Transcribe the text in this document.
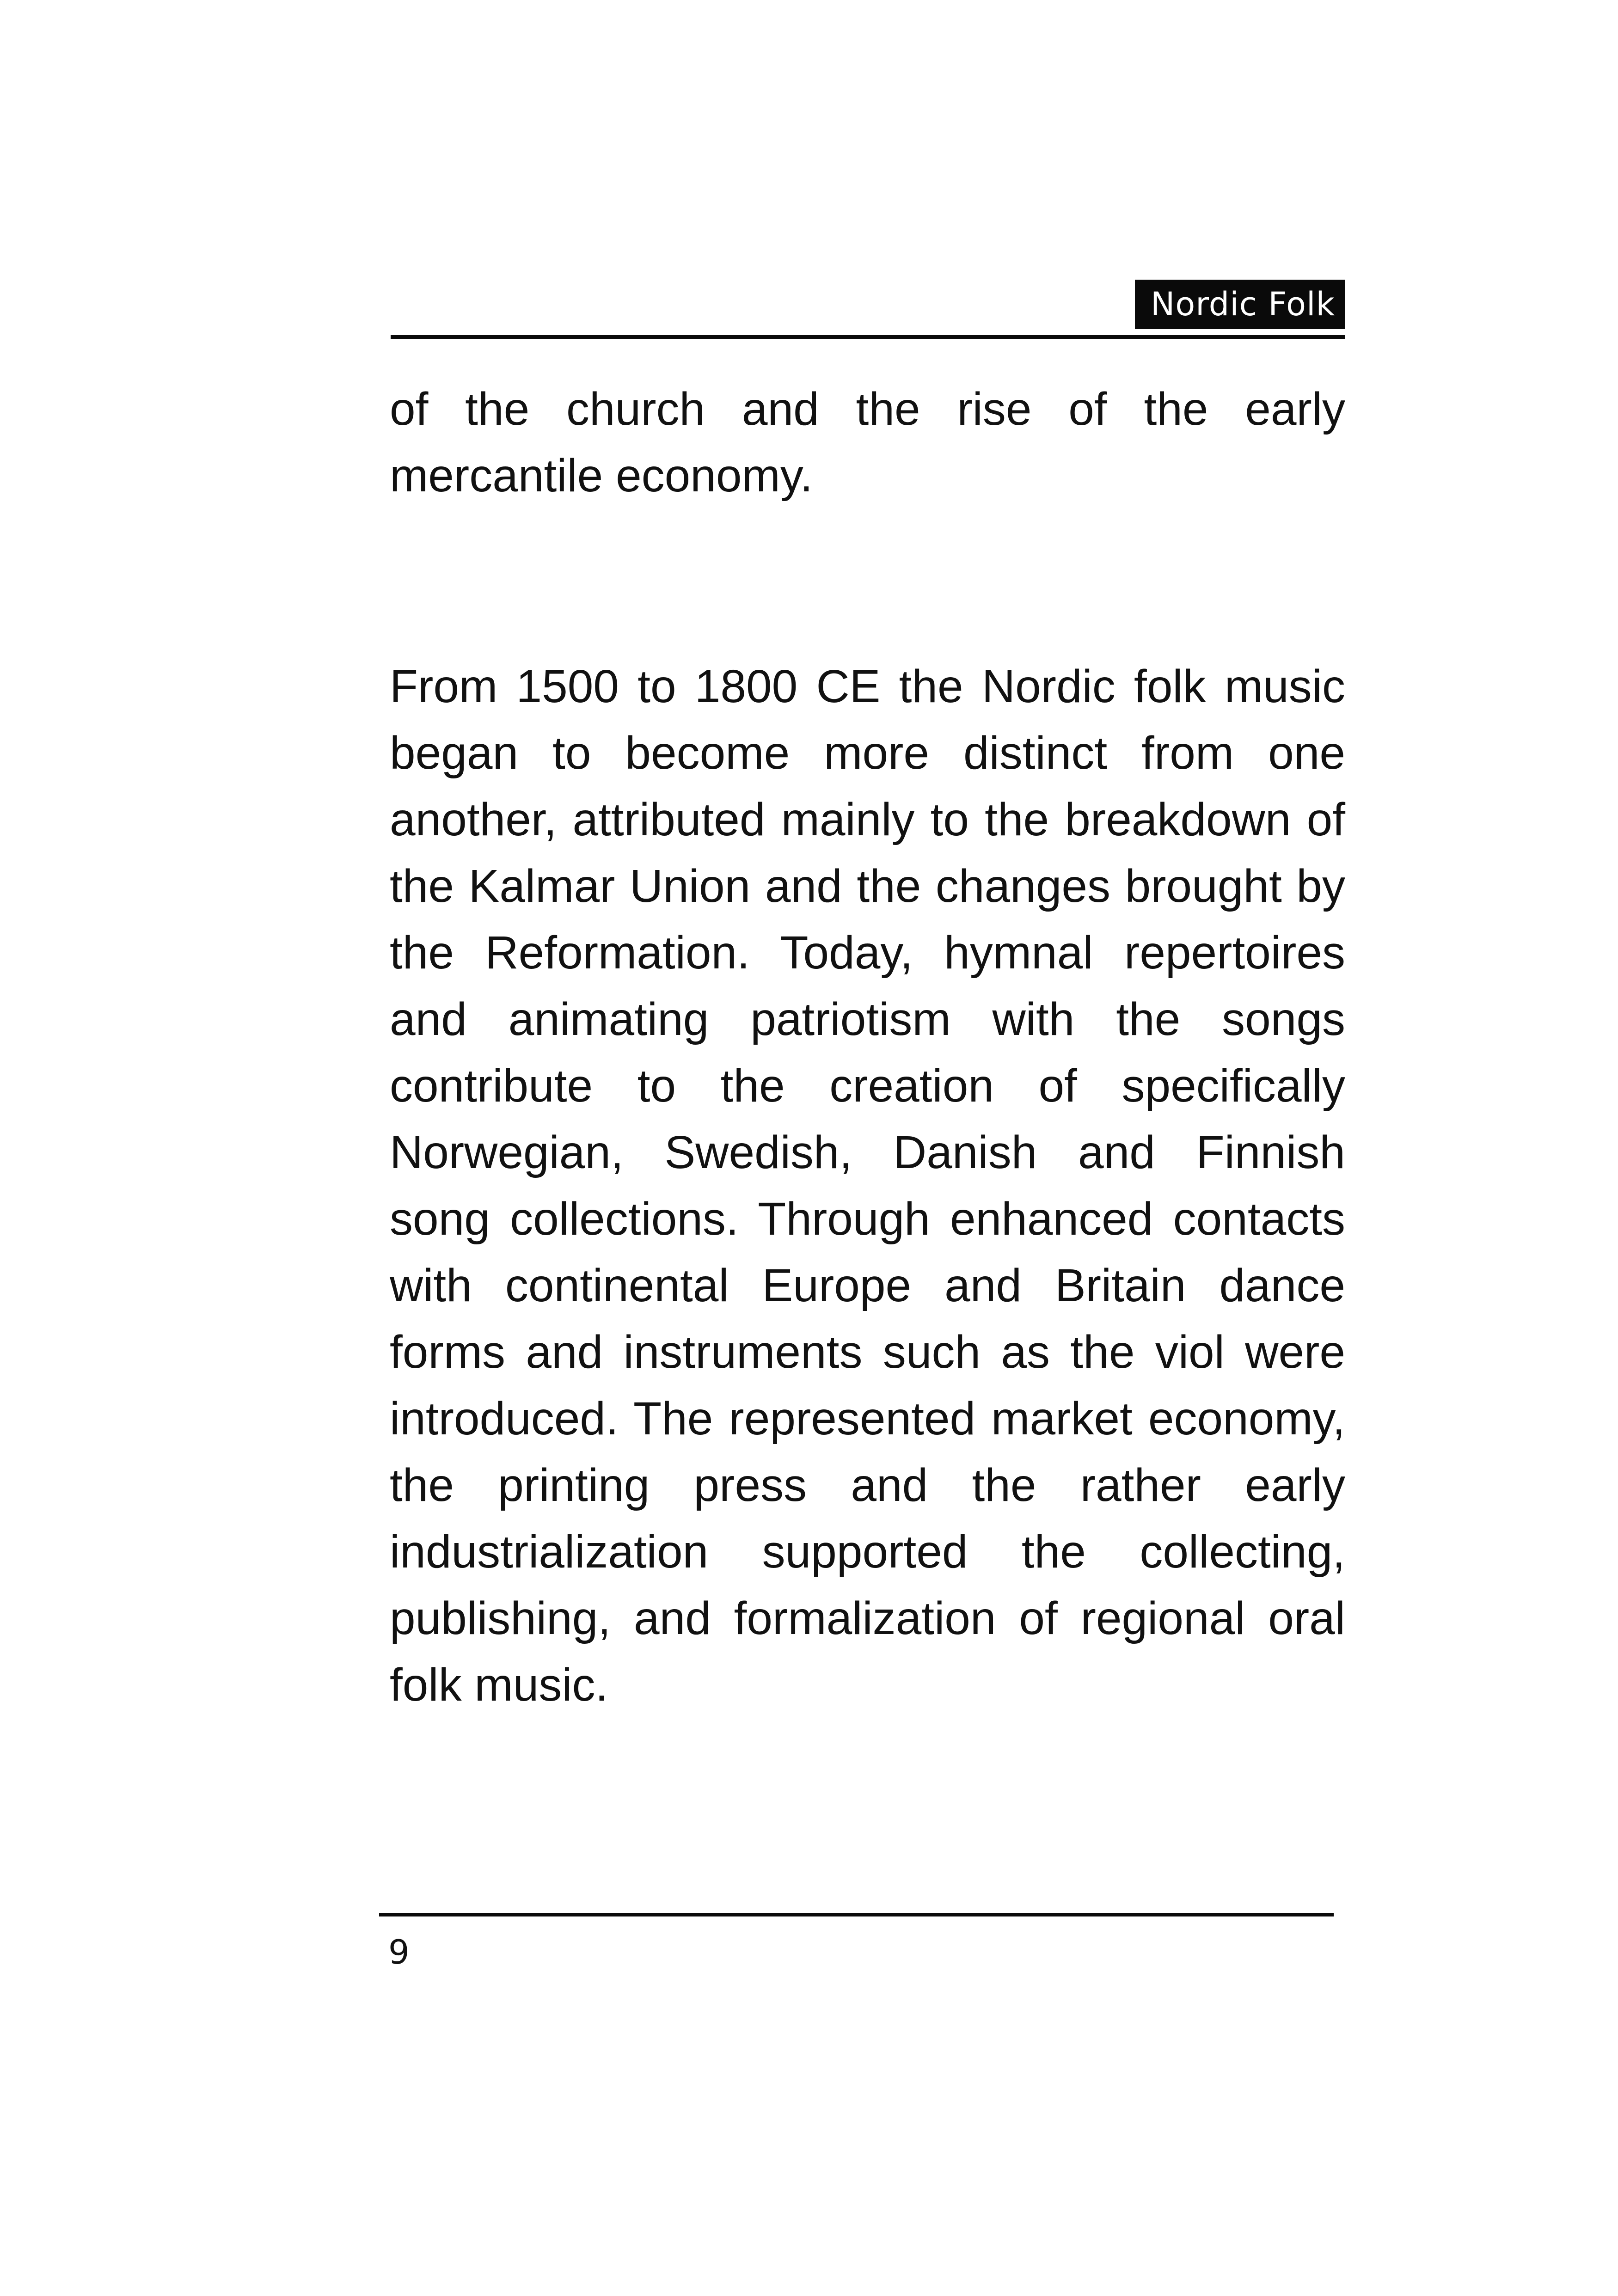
Nordic Folk

of the church and the rise of the early mercantile economy.

From 1500 to 1800 CE the Nordic folk music began to become more distinct from one another, attributed mainly to the breakdown of the Kalmar Union and the changes brought by the Reformation. Today, hymnal repertoires and animating patriotism with the songs contribute to the creation of specifically Norwegian, Swedish, Danish and Finnish song collections. Through enhanced contacts with continental Europe and Britain dance forms and instruments such as the viol were introduced. The represented market economy, the printing press and the rather early industrialization supported the collecting, publishing, and formalization of regional oral folk music.

9
